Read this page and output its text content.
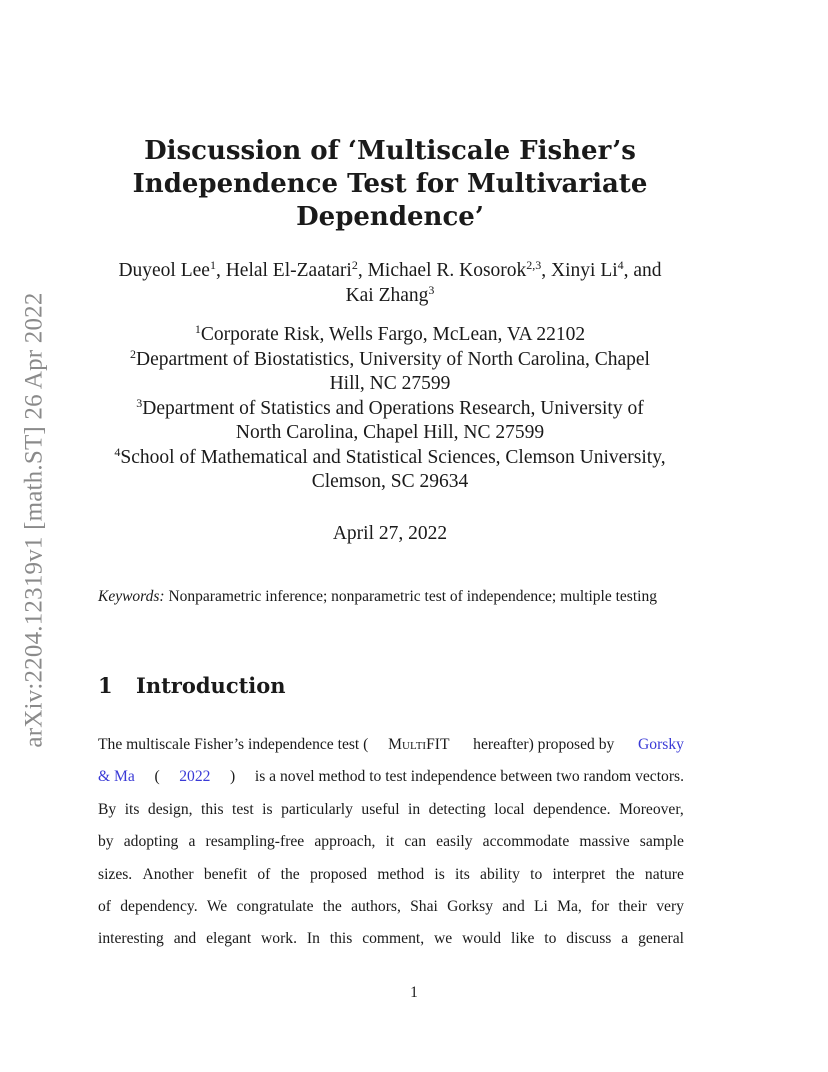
arXiv:2204.12319v1 [math.ST] 26 Apr 2022
Discussion of ‘Multiscale Fisher’s
Independence Test for Multivariate
Dependence’
Duyeol Lee$^1$, Helal El-Zaatari$^2$, Michael R. Kosorok$^{2,3}$, Xinyi Li$^4$, and
Kai Zhang$^3$
$^1$Corporate Risk, Wells Fargo, McLean, VA 22102
$^2$Department of Biostatistics, University of North Carolina, Chapel
Hill, NC 27599
$^3$Department of Statistics and Operations Research, University of
North Carolina, Chapel Hill, NC 27599
$^4$School of Mathematical and Statistical Sciences, Clemson University,
Clemson, SC 29634
April 27, 2022
Keywords: Nonparametric inference; nonparametric test of independence; multiple testing
1 Introduction
The multiscale Fisher’s independence test ( MultiFIT hereafter) proposed by Gorsky
& Ma ( 2022 ) is a novel method to test independence between two random vectors.
By its design, this test is particularly useful in detecting local dependence. Moreover,
by adopting a resampling-free approach, it can easily accommodate massive sample
sizes. Another benefit of the proposed method is its ability to interpret the nature
of dependency. We congratulate the authors, Shai Gorksy and Li Ma, for their very
interesting and elegant work. In this comment, we would like to discuss a general
1
